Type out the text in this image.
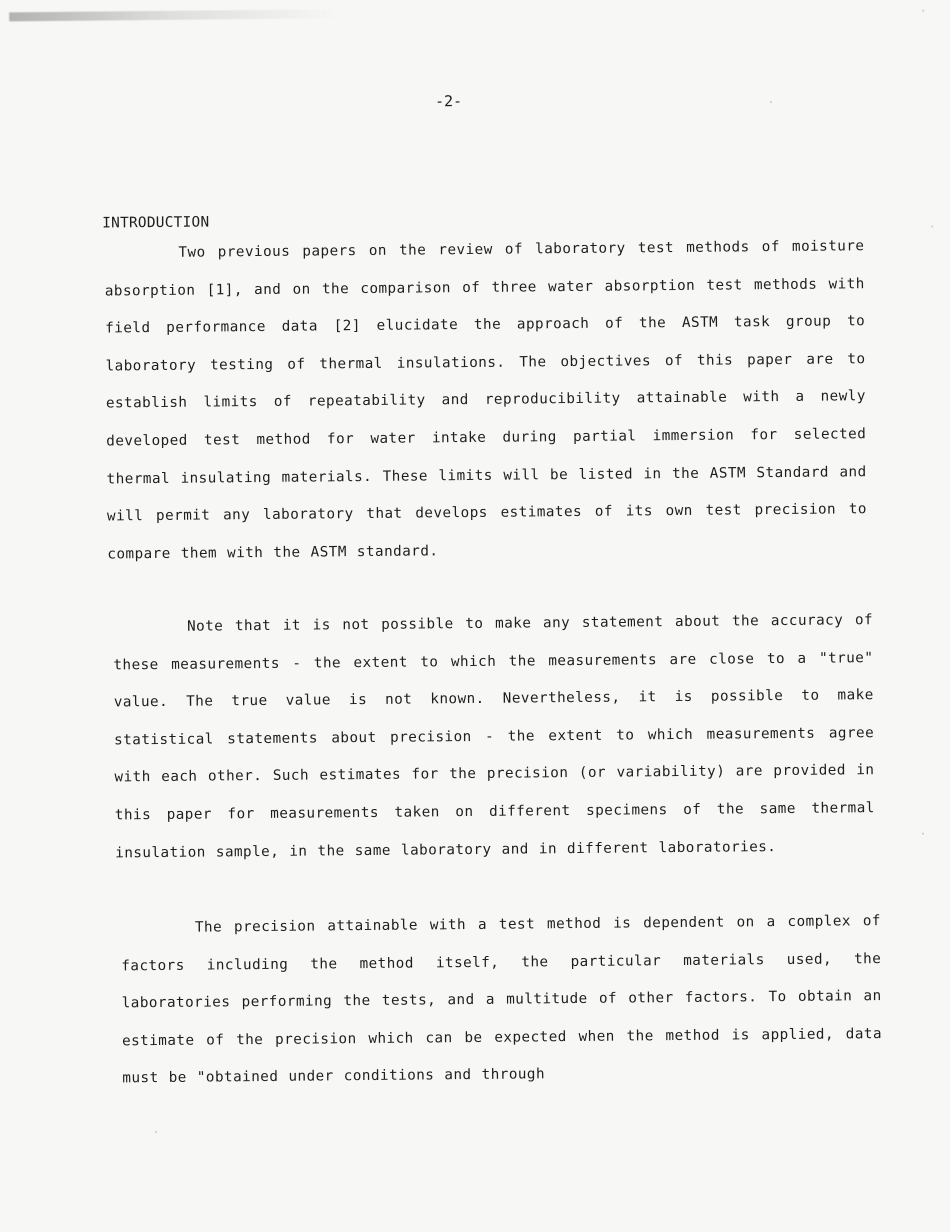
-2-

INTRODUCTION

Two previous papers on the review of laboratory test methods of moisture absorption [1], and on the comparison of three water absorption test methods with field performance data [2] elucidate the approach of the ASTM task group to laboratory testing of thermal insulations. The objectives of this paper are to establish limits of repeatability and reproducibility attainable with a newly developed test method for water intake during partial immersion for selected thermal insulating materials. These limits will be listed in the ASTM Standard and will permit any laboratory that develops estimates of its own test precision to compare them with the ASTM standard.

Note that it is not possible to make any statement about the accuracy of these measurements - the extent to which the measurements are close to a "true" value. The true value is not known. Nevertheless, it is possible to make statistical statements about precision - the extent to which measurements agree with each other. Such estimates for the precision (or variability) are provided in this paper for measurements taken on different specimens of the same thermal insulation sample, in the same laboratory and in different laboratories.

The precision attainable with a test method is dependent on a complex of factors including the method itself, the particular materials used, the laboratories performing the tests, and a multitude of other factors. To obtain an estimate of the precision which can be expected when the method is applied, data must be "obtained under conditions and through
